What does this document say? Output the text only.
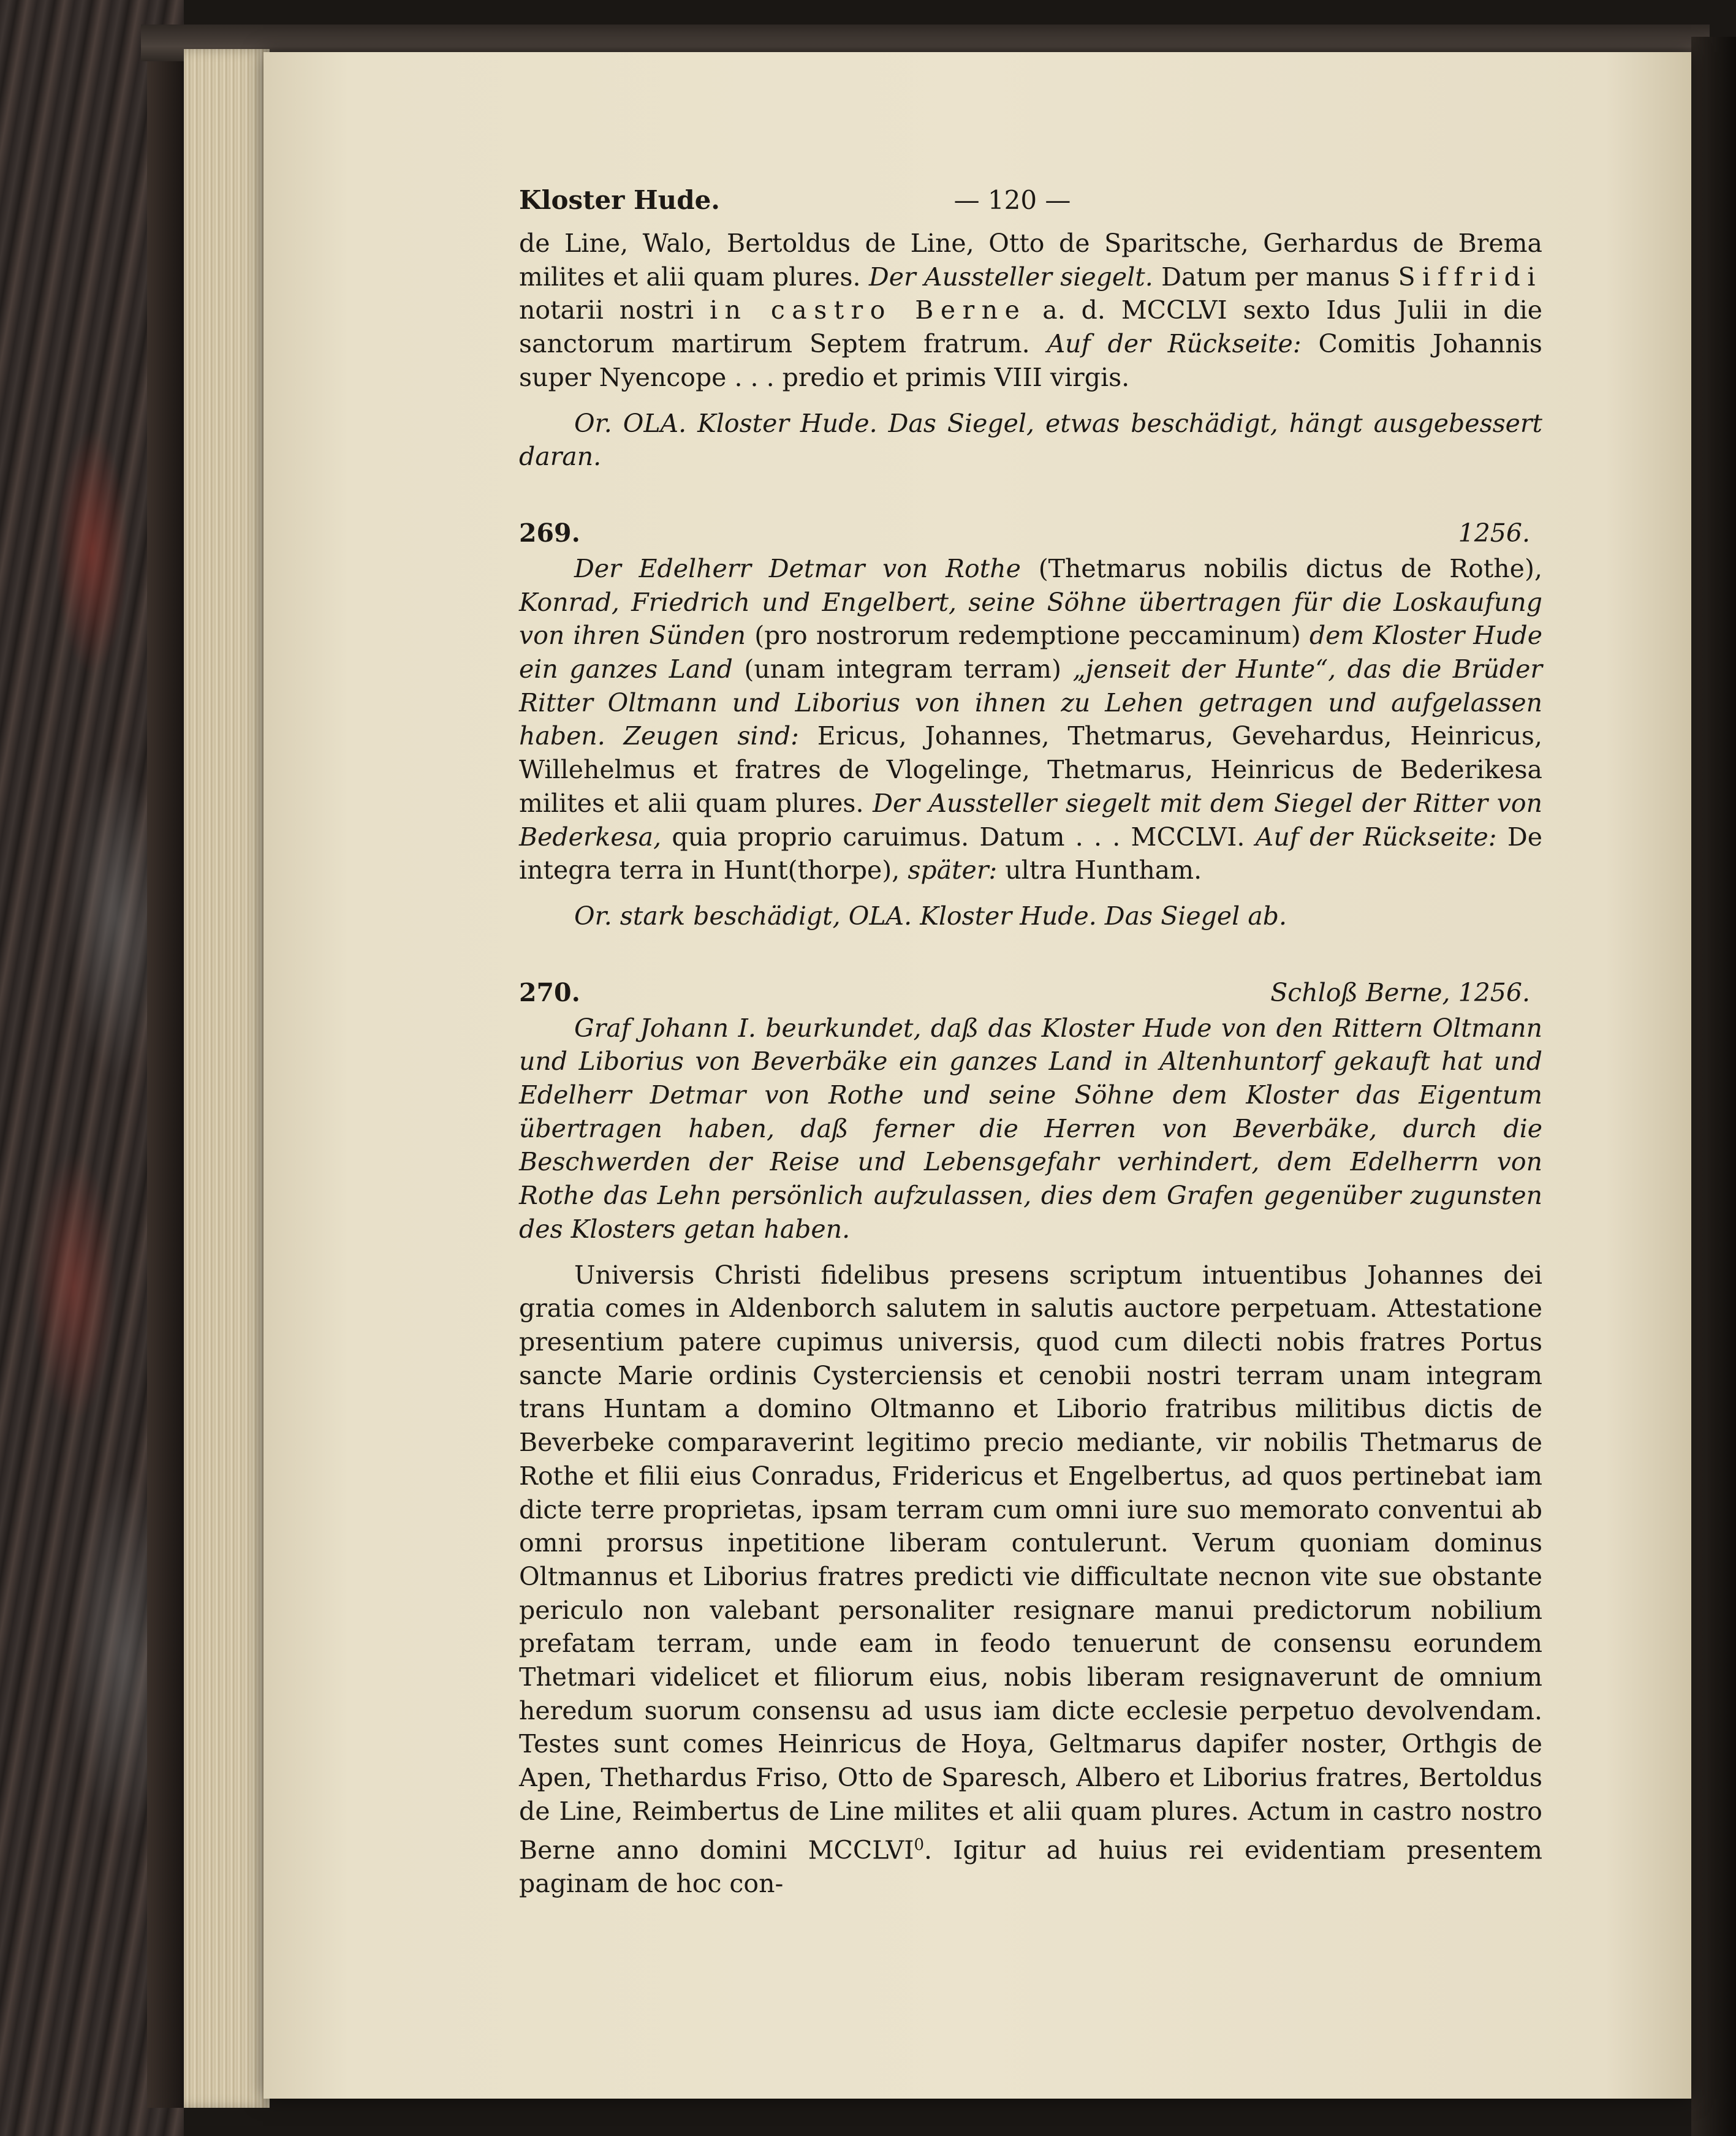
Kloster Hude.	— 120 —

de Line, Walo, Bertoldus de Line, Otto de Sparitsche, Gerhardus de Brema milites et alii quam plures. Der Aussteller siegelt. Datum per manus Siffridi notarii nostri in castro Berne a. d. MCCLVI sexto Idus Julii in die sanctorum martirum Septem fratrum. Auf der Rückseite: Comitis Johannis super Nyencope . . . predio et primis VIII virgis.

Or. OLA. Kloster Hude. Das Siegel, etwas beschädigt, hängt ausgebessert daran.

269.	1256.

Der Edelherr Detmar von Rothe (Thetmarus nobilis dictus de Rothe), Konrad, Friedrich und Engelbert, seine Söhne übertragen für die Loskaufung von ihren Sünden (pro nostrorum redemptione peccaminum) dem Kloster Hude ein ganzes Land (unam integram terram) „jenseit der Hunte“, das die Brüder Ritter Oltmann und Liborius von ihnen zu Lehen getragen und aufgelassen haben. Zeugen sind: Ericus, Johannes, Thetmarus, Gevehardus, Heinricus, Willehelmus et fratres de Vlogelinge, Thetmarus, Heinricus de Bederikesa milites et alii quam plures. Der Aussteller siegelt mit dem Siegel der Ritter von Bederkesa, quia proprio caruimus. Datum . . . MCCLVI. Auf der Rückseite: De integra terra in Hunt(thorpe), später: ultra Huntham.

Or. stark beschädigt, OLA. Kloster Hude. Das Siegel ab.

270.	Schloß Berne, 1256.

Graf Johann I. beurkundet, daß das Kloster Hude von den Rittern Oltmann und Liborius von Beverbäke ein ganzes Land in Altenhuntorf gekauft hat und Edelherr Detmar von Rothe und seine Söhne dem Kloster das Eigentum übertragen haben, daß ferner die Herren von Beverbäke, durch die Beschwerden der Reise und Lebensgefahr verhindert, dem Edelherrn von Rothe das Lehn persönlich aufzulassen, dies dem Grafen gegenüber zugunsten des Klosters getan haben.

Universis Christi fidelibus presens scriptum intuentibus Johannes dei gratia comes in Aldenborch salutem in salutis auctore perpetuam. Attestatione presentium patere cupimus universis, quod cum dilecti nobis fratres Portus sancte Marie ordinis Cysterciensis et cenobii nostri terram unam integram trans Huntam a domino Oltmanno et Liborio fratribus militibus dictis de Beverbeke comparaverint legitimo precio mediante, vir nobilis Thetmarus de Rothe et filii eius Conradus, Fridericus et Engelbertus, ad quos pertinebat iam dicte terre proprietas, ipsam terram cum omni iure suo memorato conventui ab omni prorsus inpetitione liberam contulerunt. Verum quoniam dominus Oltmannus et Liborius fratres predicti vie difficultate necnon vite sue obstante periculo non valebant personaliter resignare manui predictorum nobilium prefatam terram, unde eam in feodo tenuerunt de consensu eorundem Thetmari videlicet et filiorum eius, nobis liberam resignaverunt de omnium heredum suorum consensu ad usus iam dicte ecclesie perpetuo devolvendam. Testes sunt comes Heinricus de Hoya, Geltmarus dapifer noster, Orthgis de Apen, Thethardus Friso, Otto de Sparesch, Albero et Liborius fratres, Bertoldus de Line, Reimbertus de Line milites et alii quam plures. Actum in castro nostro Berne anno domini MCCLVI$^0$. Igitur ad huius rei evidentiam presentem paginam de hoc con-
